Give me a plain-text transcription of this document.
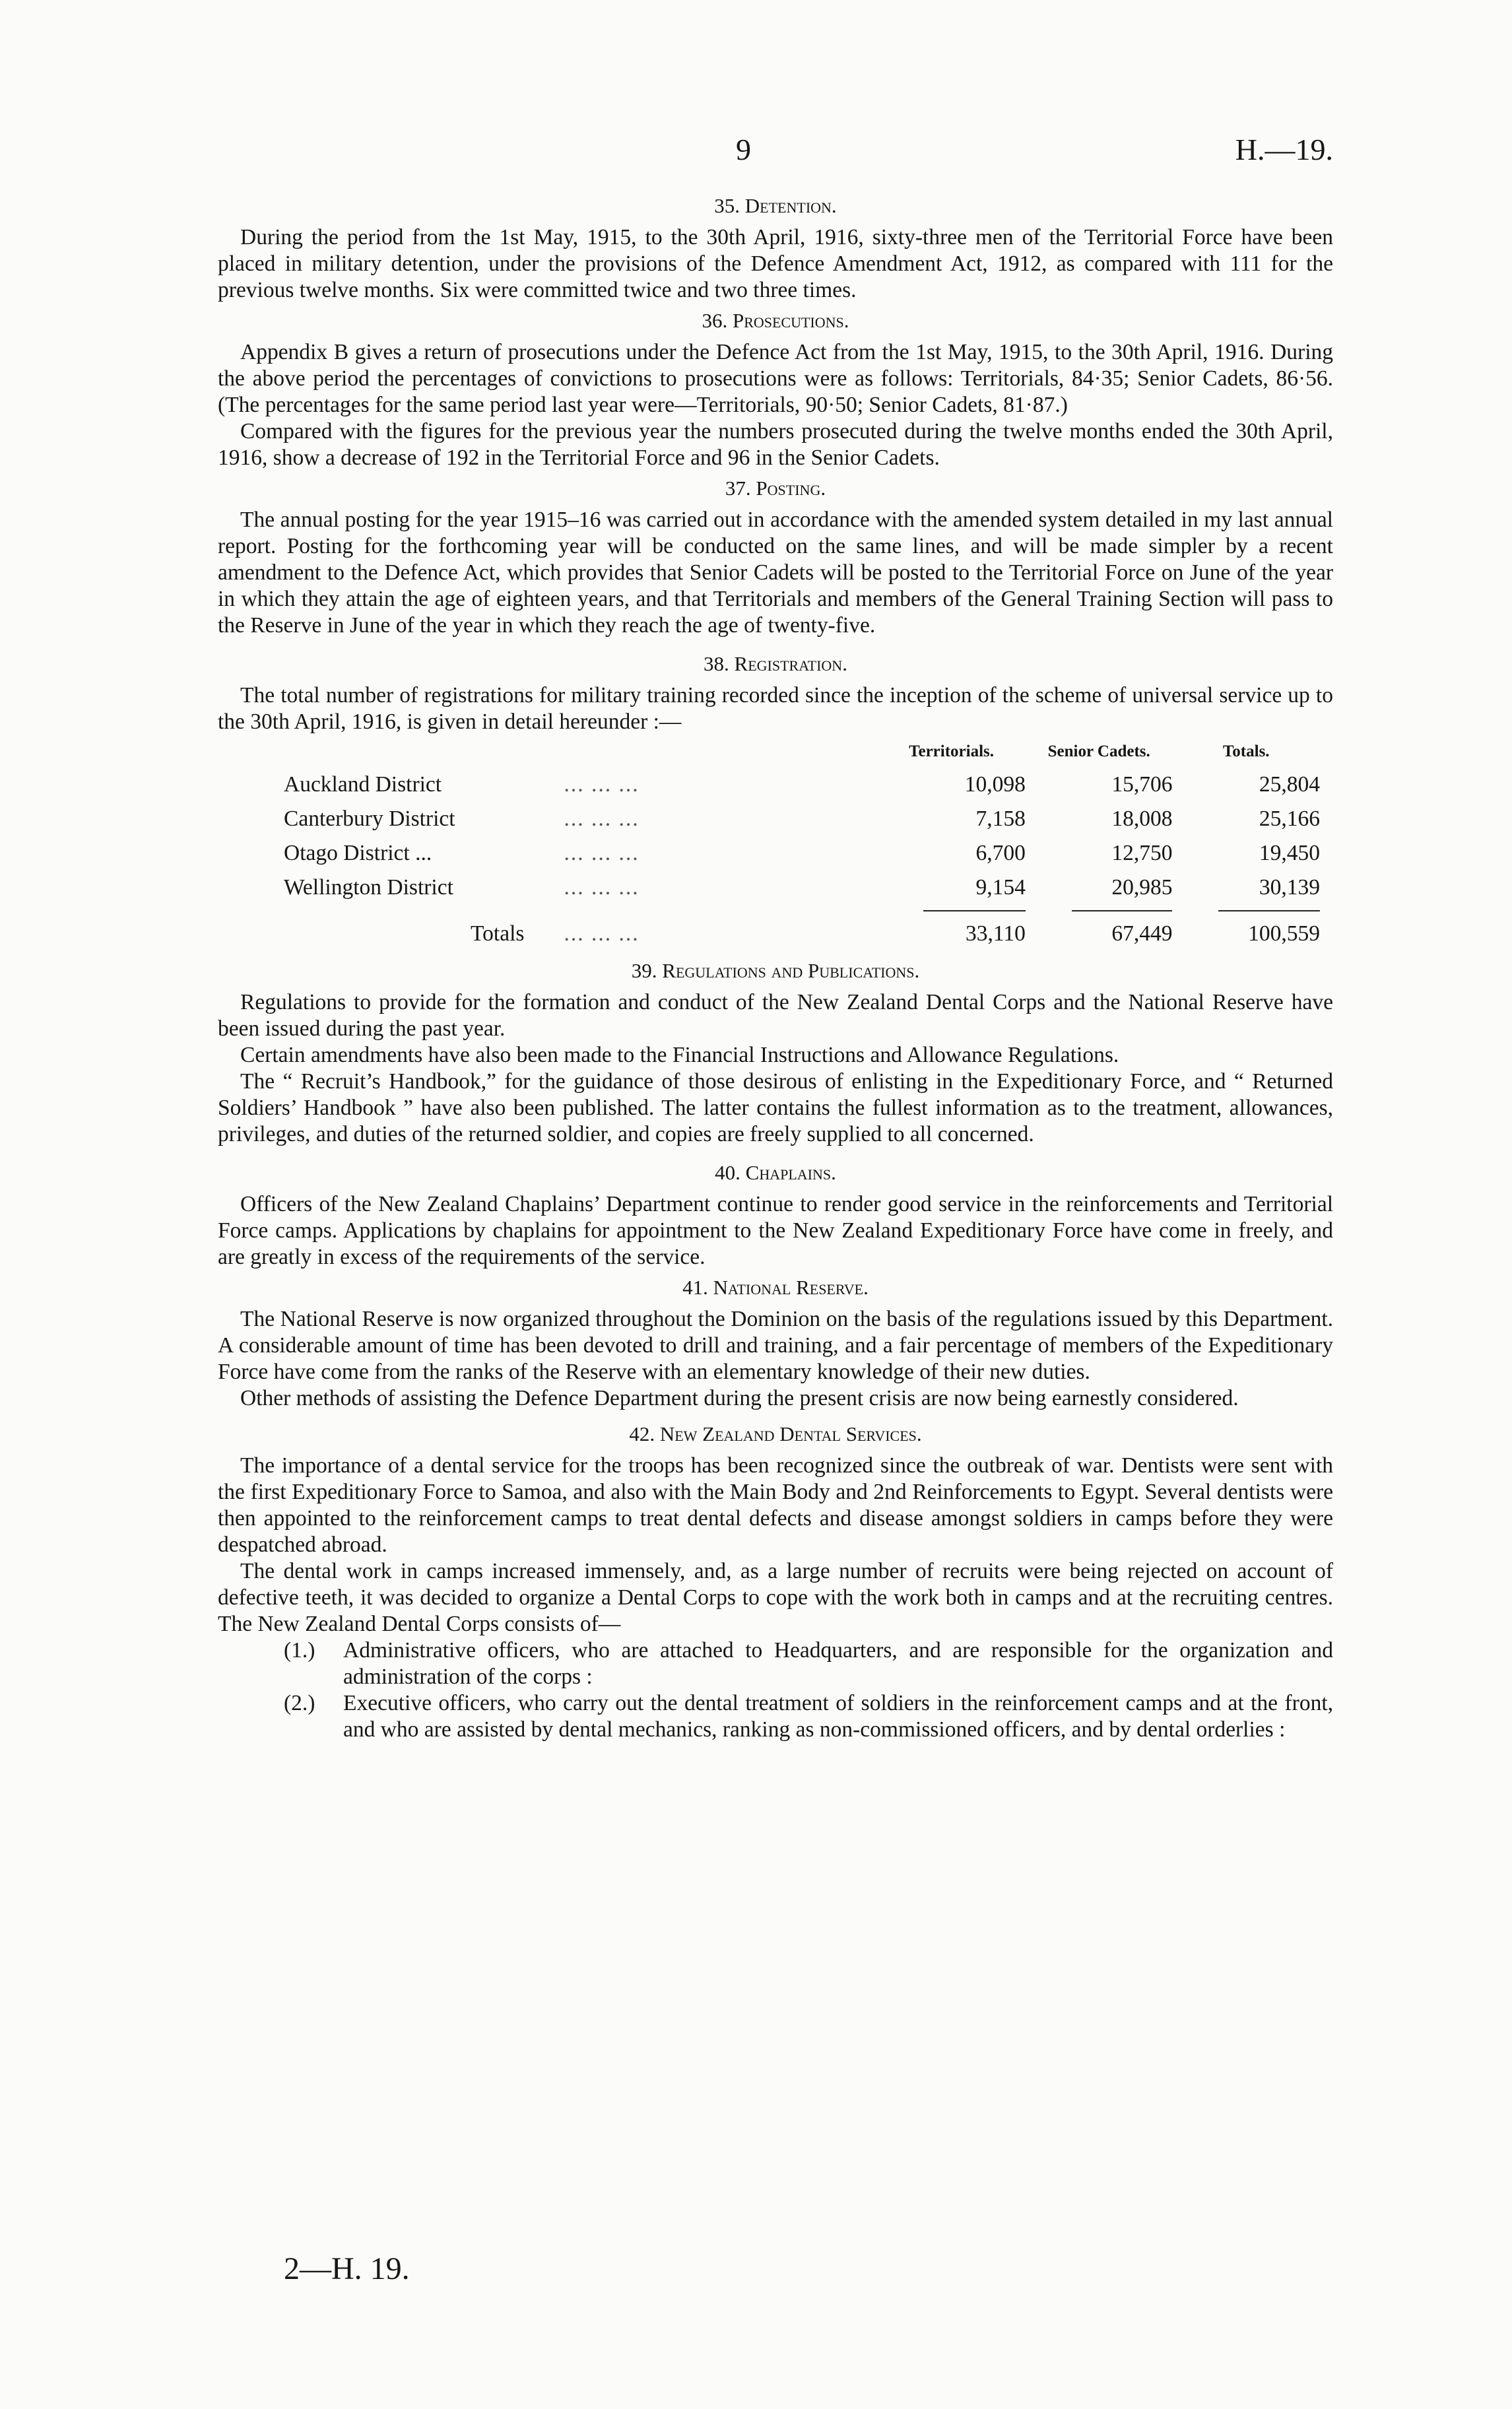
9	H.—19.
35. Detention.

During the period from the 1st May, 1915, to the 30th April, 1916, sixty-three men of the Territorial Force have been placed in military detention, under the provisions of the Defence Amendment Act, 1912, as compared with 111 for the previous twelve months. Six were committed twice and two three times.

36. Prosecutions.

Appendix B gives a return of prosecutions under the Defence Act from the 1st May, 1915, to the 30th April, 1916. During the above period the percentages of convictions to prosecutions were as follows: Territorials, 84·35; Senior Cadets, 86·56. (The percentages for the same period last year were—Territorials, 90·50; Senior Cadets, 81·87.)

Compared with the figures for the previous year the numbers prosecuted during the twelve months ended the 30th April, 1916, show a decrease of 192 in the Territorial Force and 96 in the Senior Cadets.

37. Posting.

The annual posting for the year 1915–16 was carried out in accordance with the amended system detailed in my last annual report. Posting for the forthcoming year will be conducted on the same lines, and will be made simpler by a recent amendment to the Defence Act, which provides that Senior Cadets will be posted to the Territorial Force on June of the year in which they attain the age of eighteen years, and that Territorials and members of the General Training Section will pass to the Reserve in June of the year in which they reach the age of twenty-five.

38. Registration.

The total number of registrations for military training recorded since the inception of the scheme of universal service up to the 30th April, 1916, is given in detail hereunder :—

		Territorials.	Senior Cadets.	Totals.
Auckland District	... ... ...	10,098	15,706	25,804
Canterbury District	... ... ...	7,158	18,008	25,166
Otago District ...	... ... ...	6,700	12,750	19,450
Wellington District	... ... ...	9,154	20,985	30,139

Totals	... ... ...	33,110	67,449	100,559
39. Regulations and Publications.

Regulations to provide for the formation and conduct of the New Zealand Dental Corps and the National Reserve have been issued during the past year.

Certain amendments have also been made to the Financial Instructions and Allowance Regulations.

The “ Recruit’s Handbook,” for the guidance of those desirous of enlisting in the Expeditionary Force, and “ Returned Soldiers’ Handbook ” have also been published. The latter contains the fullest information as to the treatment, allowances, privileges, and duties of the returned soldier, and copies are freely supplied to all concerned.

40. Chaplains.

Officers of the New Zealand Chaplains’ Department continue to render good service in the reinforcements and Territorial Force camps. Applications by chaplains for appointment to the New Zealand Expeditionary Force have come in freely, and are greatly in excess of the requirements of the service.

41. National Reserve.

The National Reserve is now organized throughout the Dominion on the basis of the regulations issued by this Department. A considerable amount of time has been devoted to drill and training, and a fair percentage of members of the Expeditionary Force have come from the ranks of the Reserve with an elementary knowledge of their new duties.

Other methods of assisting the Defence Department during the present crisis are now being earnestly considered.

42. New Zealand Dental Services.

The importance of a dental service for the troops has been recognized since the outbreak of war. Dentists were sent with the first Expeditionary Force to Samoa, and also with the Main Body and 2nd Reinforcements to Egypt. Several dentists were then appointed to the reinforcement camps to treat dental defects and disease amongst soldiers in camps before they were despatched abroad.

The dental work in camps increased immensely, and, as a large number of recruits were being rejected on account of defective teeth, it was decided to organize a Dental Corps to cope with the work both in camps and at the recruiting centres. The New Zealand Dental Corps consists of—

(1.)	Administrative officers, who are attached to Headquarters, and are responsible for the organization and administration of the corps :
(2.)	Executive officers, who carry out the dental treatment of soldiers in the reinforcement camps and at the front, and who are assisted by dental mechanics, ranking as non-commissioned officers, and by dental orderlies :
2—H. 19.
